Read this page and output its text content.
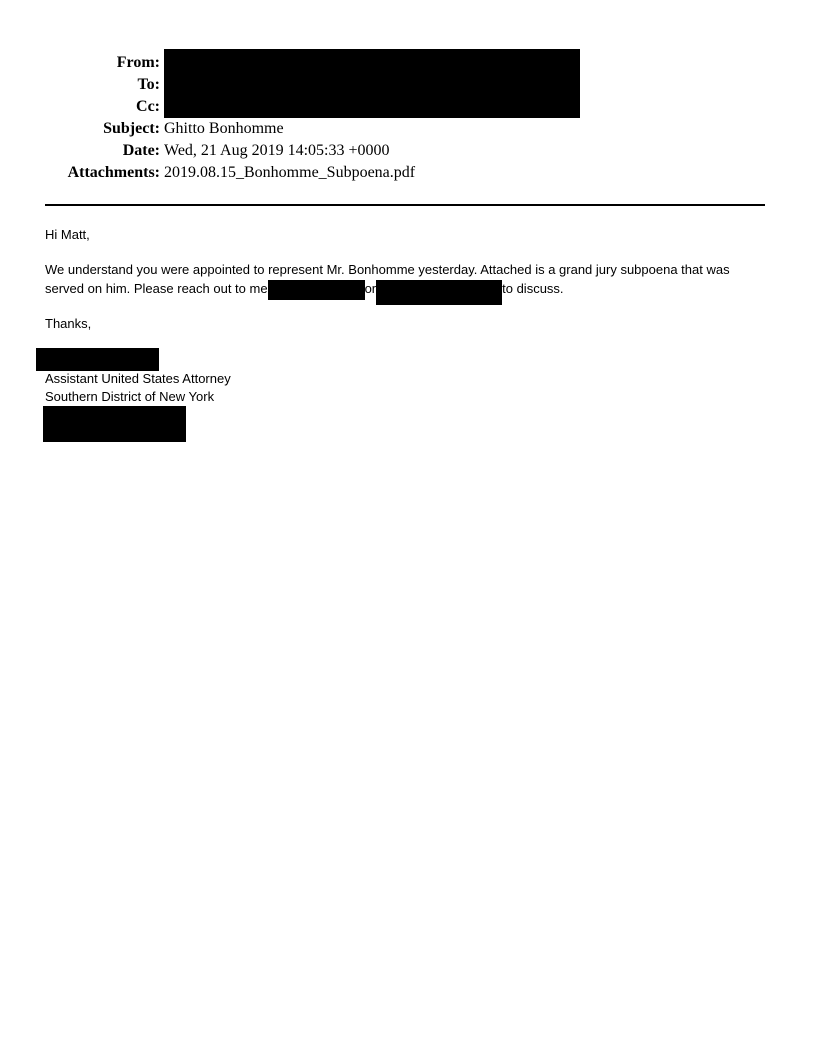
From:
To:
Cc:
Subject: Ghitto Bonhomme
Date: Wed, 21 Aug 2019 14:05:33 +0000
Attachments: 2019.08.15_Bonhomme_Subpoena.pdf
Hi Matt,
We understand you were appointed to represent Mr. Bonhomme yesterday. Attached is a grand jury subpoena that was
served on him. Please reach out to me	or	to discuss.
Thanks,
Assistant United States Attorney
Southern District of New York
